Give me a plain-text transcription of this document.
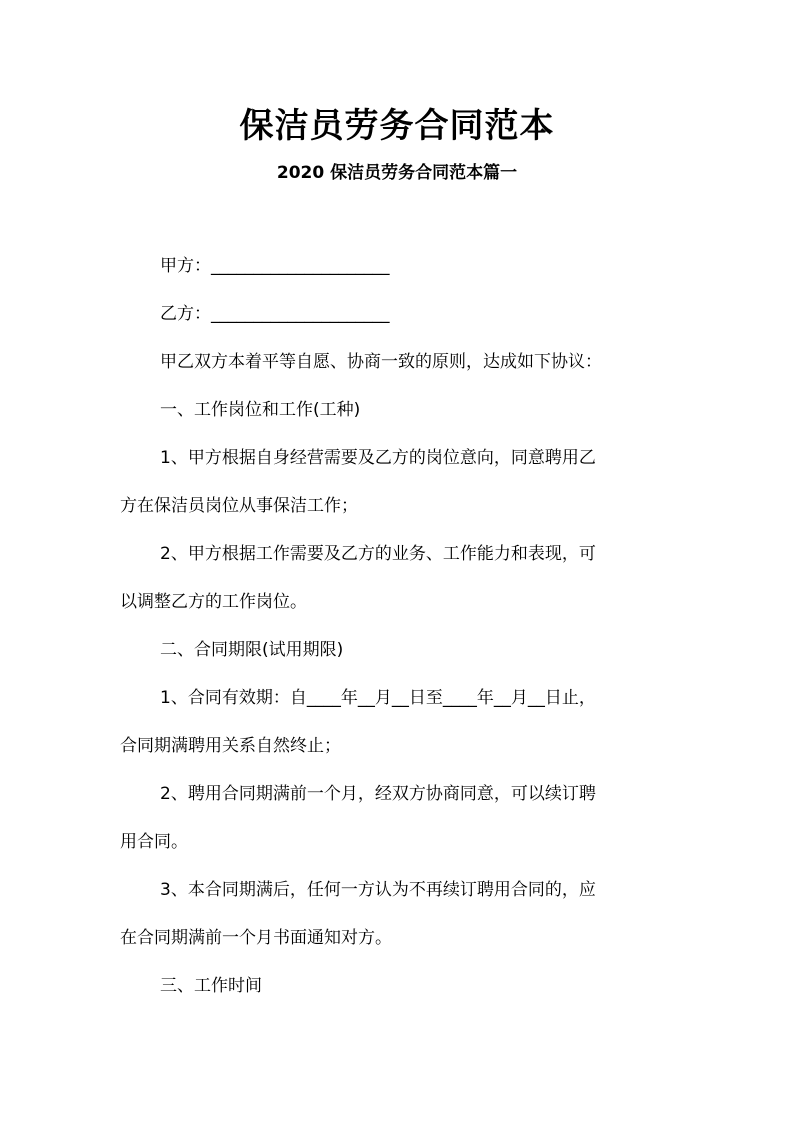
保洁员劳务合同范本
2020 保洁员劳务合同范本篇一
甲方：_____________________
乙方：_____________________
甲乙双方本着平等自愿、协商一致的原则，达成如下协议：
一、工作岗位和工作(工种)
1、甲方根据自身经营需要及乙方的岗位意向，同意聘用乙
方在保洁员岗位从事保洁工作；
2、甲方根据工作需要及乙方的业务、工作能力和表现，可
以调整乙方的工作岗位。
二、合同期限(试用期限)
1、合同有效期：自____年__月__日至____年__月__日止，
合同期满聘用关系自然终止；
2、聘用合同期满前一个月，经双方协商同意，可以续订聘
用合同。
3、本合同期满后，任何一方认为不再续订聘用合同的，应
在合同期满前一个月书面通知对方。
三、工作时间
